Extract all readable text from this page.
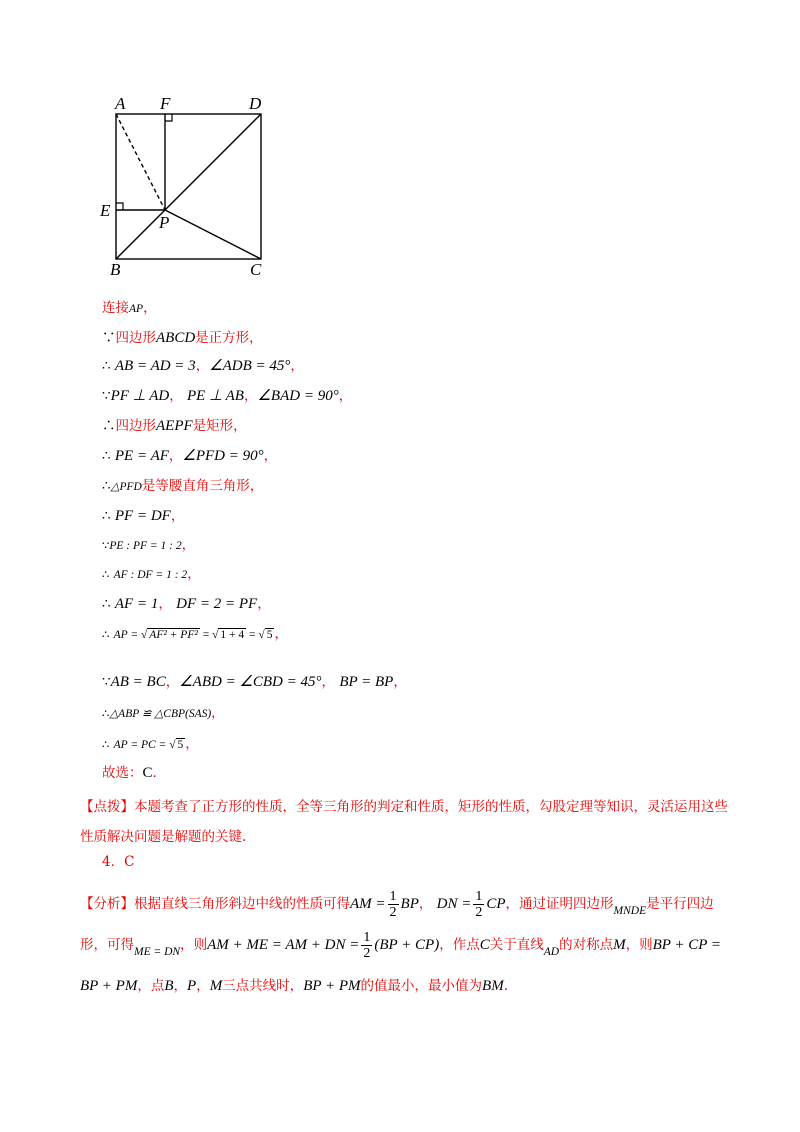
A F	D
E
P
B	C
连接AP，
∵四边形ABCD是正方形，
∴ AB = AD = 3，∠ADB = 45°，
∵PF ⊥ AD， PE ⊥ AB，∠BAD = 90°，
∴四边形AEPF是矩形，
∴ PE = AF，∠PFD = 90°，
∴△PFD是等腰直角三角形，
∴ PF = DF，
∵PE : PF = 1 : 2，
∴ AF : DF = 1 : 2，
∴ AF = 1， DF = 2 = PF，
∴ AP = √ AF² + PF² = √ 1 + 4 = √ 5 ，
∵AB = BC，∠ABD = ∠CBD = 45°， BP = BP，
∴△ABP ≌ △CBP(SAS)，
∴ AP = PC = √ 5 ，
故选：C．
【点拨】本题考查了正方形的性质，全等三角形的判定和性质，矩形的性质，勾股定理等知识，灵活运用这些性质解决问题是解题的关键.
4．C
【分析】根据直线三角形斜边中线的性质可得AM = $\frac{1}{2}$ BP， DN = $\frac{1}{2}$ CP，通过证明四边形MNDE是平行四边形，可得ME = DN，则AM + ME = AM + DN = $\frac{1}{2} (BP + CP)$，作点C关于直线AD的对称点M，则BP + CP = BP + PM，点B，P，M三点共线时，BP + PM的值最小，最小值为BM.
